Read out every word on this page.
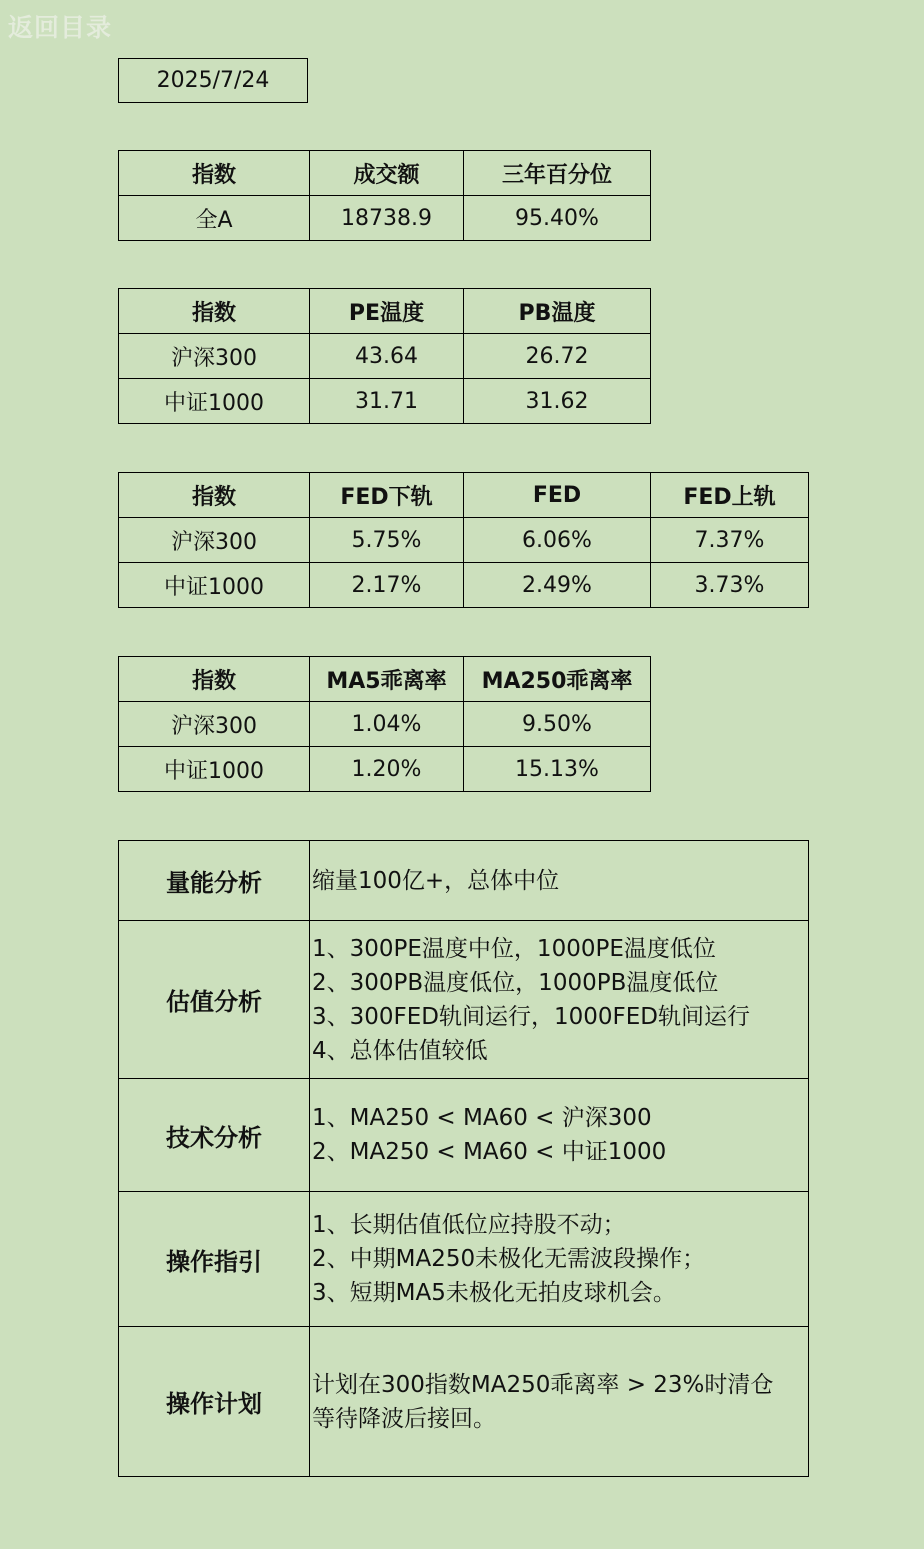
返回目录
2025/7/24
指数	成交额	三年百分位
全A	18738.9	95.40%
指数	PE温度	PB温度
沪深300	43.64	26.72
中证1000	31.71	31.62
指数	FED下轨	FED	FED上轨
沪深300	5.75%	6.06%	7.37%
中证1000	2.17%	2.49%	3.73%
指数	MA5乖离率	MA250乖离率
沪深300	1.04%	9.50%
中证1000	1.20%	15.13%
量能分析	缩量100亿+，总体中位

估值分析	1、300PE温度中位，1000PE温度低位
2、300PB温度低位，1000PB温度低位
3、300FED轨间运行，1000FED轨间运行
4、总体估值较低

技术分析	1、MA250 < MA60 < 沪深300
2、MA250 < MA60 < 中证1000

操作指引	1、长期估值低位应持股不动；
2、中期MA250未极化无需波段操作；
3、短期MA5未极化无拍皮球机会。

操作计划	计划在300指数MA250乖离率 > 23%时清仓
等待降波后接回。
